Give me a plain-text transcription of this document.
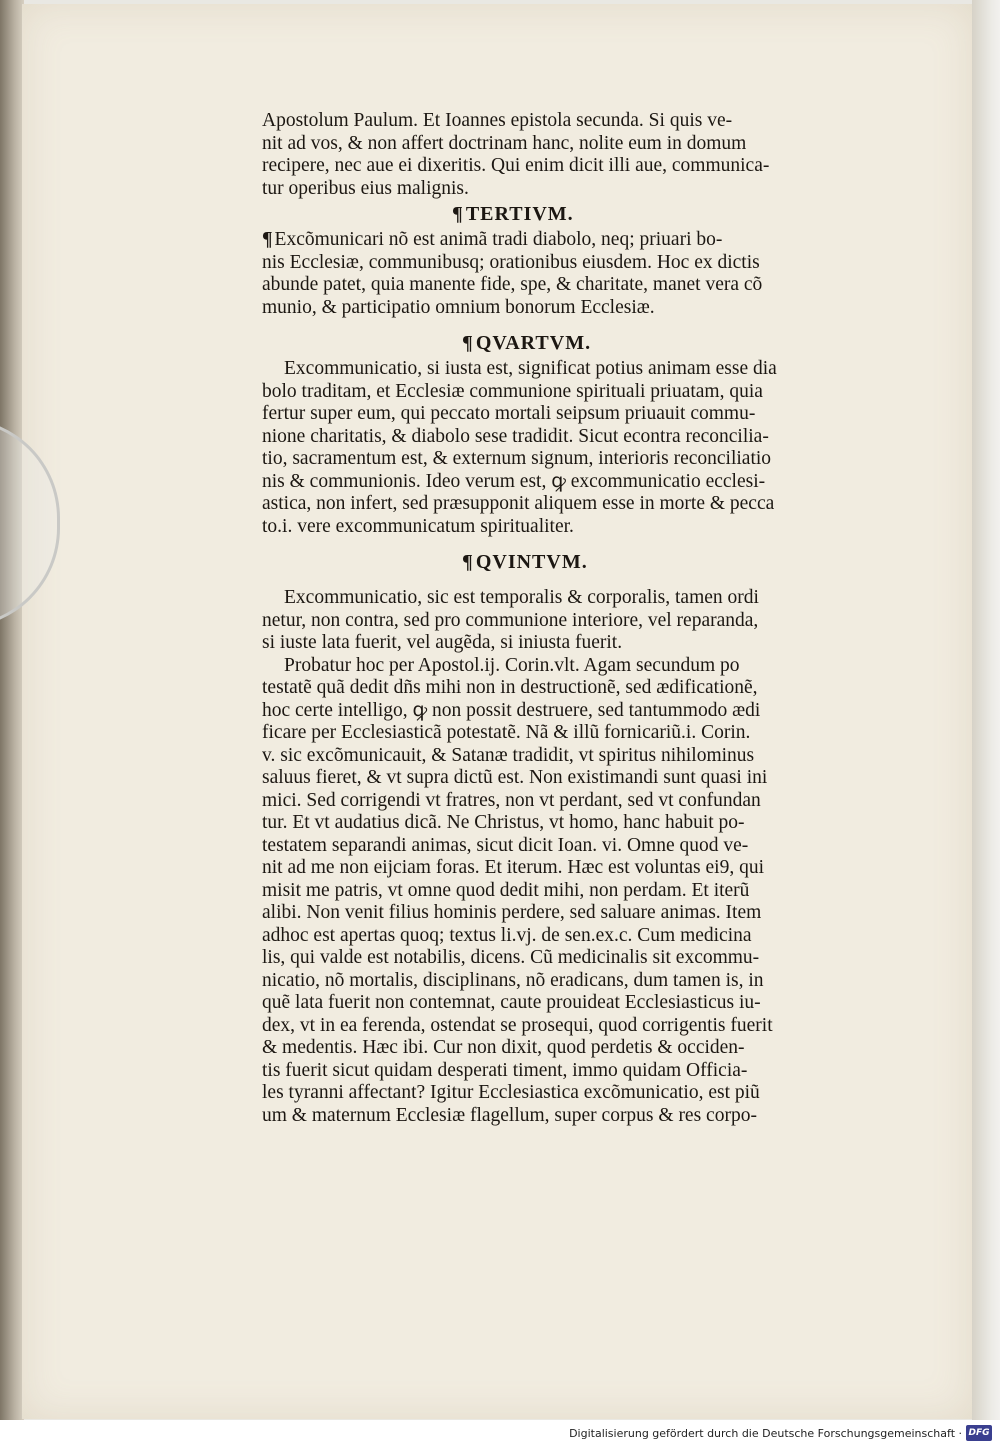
Apostolum Paulum. Et Ioannes epistola secunda. Si quis ve-
nit ad vos, & non affert doctrinam hanc, nolite eum in domum
recipere, nec aue ei dixeritis. Qui enim dicit illi aue, communica-
tur operibus eius malignis.
¶ TERTIVM.
¶ Excõmunicari nõ est animã tradi diabolo, neq; priuari bo-
nis Ecclesiæ, communibusq; orationibus eiusdem. Hoc ex dictis
abunde patet, quia manente fide, spe, & charitate, manet vera cõ
munio, & participatio omnium bonorum Ecclesiæ.
¶ QVARTVM.
Excommunicatio, si iusta est, significat potius animam esse dia
bolo traditam, et Ecclesiæ communione spirituali priuatam, quia
fertur super eum, qui peccato mortali seipsum priuauit commu-
nione charitatis, & diabolo sese tradidit. Sicut econtra reconcilia-
tio, sacramentum est, & externum signum, interioris reconciliatio
nis & communionis. Ideo verum est, ꝙ excommunicatio ecclesi-
astica, non infert, sed præsupponit aliquem esse in morte & pecca
to.i. vere excommunicatum spiritualiter.
¶ QVINTVM.
Excommunicatio, sic est temporalis & corporalis, tamen ordi
netur, non contra, sed pro communione interiore, vel reparanda,
si iuste lata fuerit, vel augẽda, si iniusta fuerit.
Probatur hoc per Apostol.ij. Corin.vlt. Agam secundum po
testatẽ quã dedit dñs mihi non in destructionẽ, sed ædificationẽ,
hoc certe intelligo, ꝙ non possit destruere, sed tantummodo ædi
ficare per Ecclesiasticã potestatẽ. Nã & illũ fornicariũ.i. Corin.
v. sic excõmunicauit, & Satanæ tradidit, vt spiritus nihilominus
saluus fieret, & vt supra dictũ est. Non existimandi sunt quasi ini
mici. Sed corrigendi vt fratres, non vt perdant, sed vt confundan
tur. Et vt audatius dicã. Ne Christus, vt homo, hanc habuit po-
testatem separandi animas, sicut dicit Ioan. vi. Omne quod ve-
nit ad me non eijciam foras. Et iterum. Hæc est voluntas ei9, qui
misit me patris, vt omne quod dedit mihi, non perdam. Et iterũ
alibi. Non venit filius hominis perdere, sed saluare animas. Item
adhoc est apertas quoq; textus li.vj. de sen.ex.c. Cum medicina
lis, qui valde est notabilis, dicens. Cũ medicinalis sit excommu-
nicatio, nõ mortalis, disciplinans, nõ eradicans, dum tamen is, in
quẽ lata fuerit non contemnat, caute prouideat Ecclesiasticus iu-
dex, vt in ea ferenda, ostendat se prosequi, quod corrigentis fuerit
& medentis. Hæc ibi. Cur non dixit, quod perdetis & occiden-
tis fuerit sicut quidam desperati timent, immo quidam Officia-
les tyranni affectant? Igitur Ecclesiastica excõmunicatio, est piũ
um & maternum Ecclesiæ flagellum, super corpus & res corpo-
Digitalisierung gefördert durch die Deutsche Forschungsgemeinschaft · DFG
